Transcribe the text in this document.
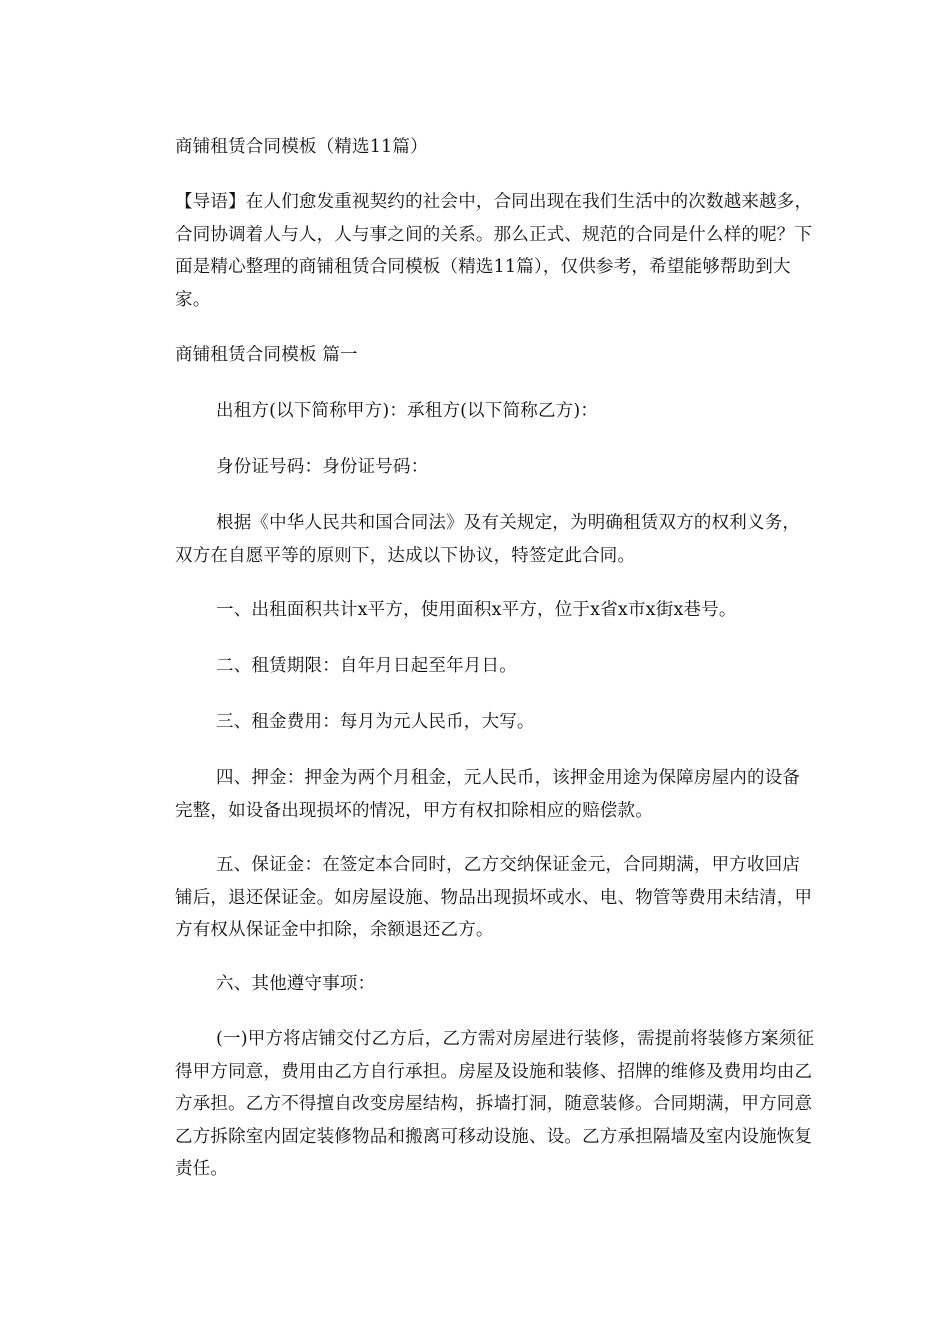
商铺租赁合同模板（精选11篇）
【导语】在人们愈发重视契约的社会中，合同出现在我们生活中的次数越来越多，合同协调着人与人，人与事之间的关系。那么正式、规范的合同是什么样的呢？下面是精心整理的商铺租赁合同模板（精选11篇），仅供参考，希望能够帮助到大家。
商铺租赁合同模板 篇一
出租方(以下简称甲方)：承租方(以下简称乙方)：
身份证号码：身份证号码：
根据《中华人民共和国合同法》及有关规定，为明确租赁双方的权利义务，双方在自愿平等的原则下，达成以下协议，特签定此合同。
一、出租面积共计x平方，使用面积x平方，位于x省x市x街x巷号。
二、租赁期限：自年月日起至年月日。
三、租金费用：每月为元人民币，大写。
四、押金：押金为两个月租金，元人民币，该押金用途为保障房屋内的设备完整，如设备出现损坏的情况，甲方有权扣除相应的赔偿款。
五、保证金：在签定本合同时，乙方交纳保证金元，合同期满，甲方收回店铺后，退还保证金。如房屋设施、物品出现损坏或水、电、物管等费用未结清，甲方有权从保证金中扣除，余额退还乙方。
六、其他遵守事项：
(一)甲方将店铺交付乙方后，乙方需对房屋进行装修，需提前将装修方案须征得甲方同意，费用由乙方自行承担。房屋及设施和装修、招牌的维修及费用均由乙方承担。乙方不得擅自改变房屋结构，拆墙打洞，随意装修。合同期满，甲方同意乙方拆除室内固定装修物品和搬离可移动设施、设。乙方承担隔墙及室内设施恢复责任。
